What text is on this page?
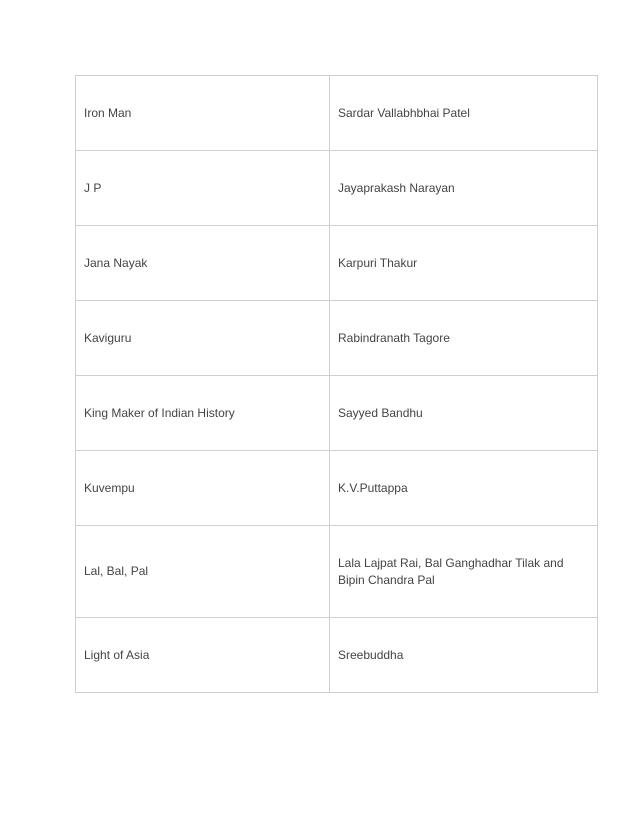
Iron Man	Sardar Vallabhbhai Patel
J P	Jayaprakash Narayan
Jana Nayak	Karpuri Thakur
Kaviguru	Rabindranath Tagore
King Maker of Indian History	Sayyed Bandhu
Kuvempu	K.V.Puttappa
Lal, Bal, Pal	Lala Lajpat Rai, Bal Ganghadhar Tilak and
Bipin Chandra Pal

Light of Asia	Sreebuddha
